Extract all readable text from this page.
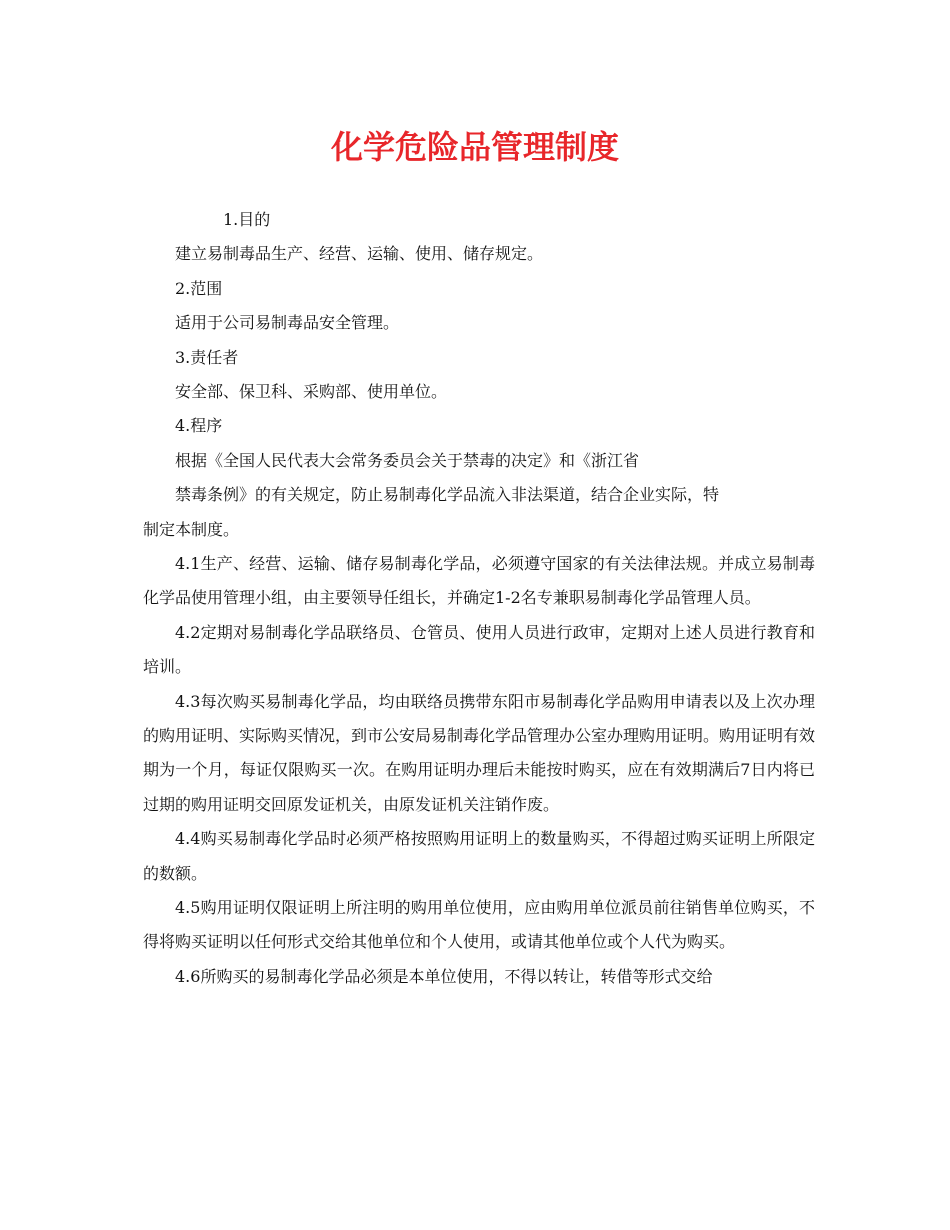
化学危险品管理制度
1.目的
建立易制毒品生产、经营、运输、使用、储存规定。
2.范围
适用于公司易制毒品安全管理。
3.责任者
安全部、保卫科、采购部、使用单位。
4.程序
根据《全国人民代表大会常务委员会关于禁毒的决定》和《浙江省
禁毒条例》的有关规定，防止易制毒化学品流入非法渠道，结合企业实际，特
制定本制度。

4.1生产、经营、运输、储存易制毒化学品，必须遵守国家的有关法律法规。并成立易制毒化学品使用管理小组，由主要领导任组长，并确定1-2名专兼职易制毒化学品管理人员。

4.2定期对易制毒化学品联络员、仓管员、使用人员进行政审，定期对上述人员进行教育和培训。

4.3每次购买易制毒化学品，均由联络员携带东阳市易制毒化学品购用申请表以及上次办理的购用证明、实际购买情况，到市公安局易制毒化学品管理办公室办理购用证明。购用证明有效期为一个月，每证仅限购买一次。在购用证明办理后未能按时购买，应在有效期满后7日内将已过期的购用证明交回原发证机关，由原发证机关注销作废。

4.4购买易制毒化学品时必须严格按照购用证明上的数量购买，不得超过购买证明上所限定的数额。

4.5购用证明仅限证明上所注明的购用单位使用，应由购用单位派员前往销售单位购买，不得将购买证明以任何形式交给其他单位和个人使用，或请其他单位或个人代为购买。

4.6所购买的易制毒化学品必须是本单位使用，不得以转让，转借等形式交给
